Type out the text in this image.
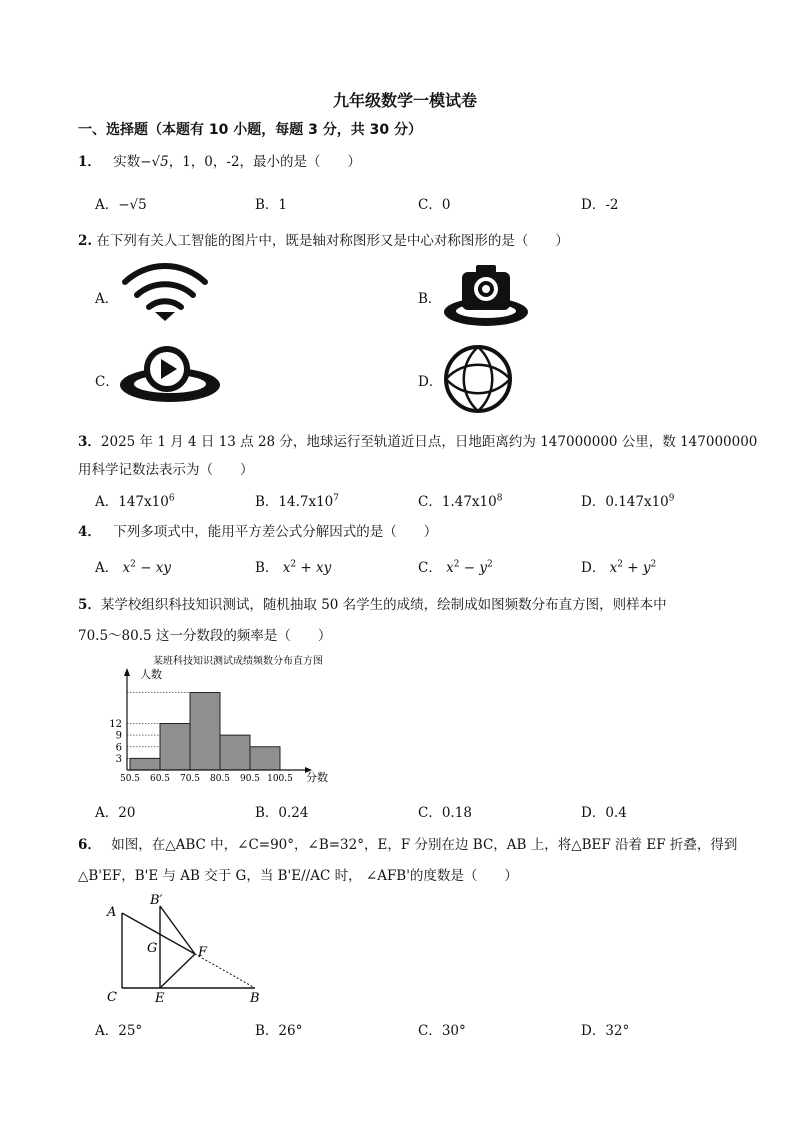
九年级数学一模试卷
一、选择题（本题有 10 小题，每题 3 分，共 30 分）
1． 实数−√5，1，0，-2，最小的是（　　）
A．−√5	B．1	C．0	D．-2
2. 在下列有关人工智能的图片中，既是轴对称图形又是中心对称图形的是（　　）
A．	B．
C．	D．
3．2025 年 1 月 4 日 13 点 28 分，地球运行至轨道近日点，日地距离约为 147000000 公里，数 147000000
用科学记数法表示为（　　）
A．$147x10^6$	B．$14.7x10^7$	C．$1.47x10^8$	D．$0.147x10^9$
4． 下列多项式中，能用平方差公式分解因式的是（　　）
A． $x^2$ − xy	B． $x^2$ + xy	C． $x^2 - y^2$	D． $x^2 + y^2$
5．某学校组织科技知识测试，随机抽取 50 名学生的成绩，绘制成如图频数分布直方图，则样本中
70.5～80.5 这一分数段的频率是（　　）
某班科技知识测试成绩频数分布直方图
人数
分数
3
6
9
12
50.5 60.5 70.5 80.5 90.5 100.5
A．20	B．0.24	C．0.18	D．0.4
6． 如图，在△ABC 中，∠C=90°，∠B=32°，E，F 分别在边 BC，AB 上，将△BEF 沿着 EF 折叠，得到
△B'EF，B'E 与 AB 交于 G，当 B'E//AC 时， ∠AFB'的度数是（　　）
A
B′
G	F
C	E	B
A．25°	B．26°	C．30°	D．32°
